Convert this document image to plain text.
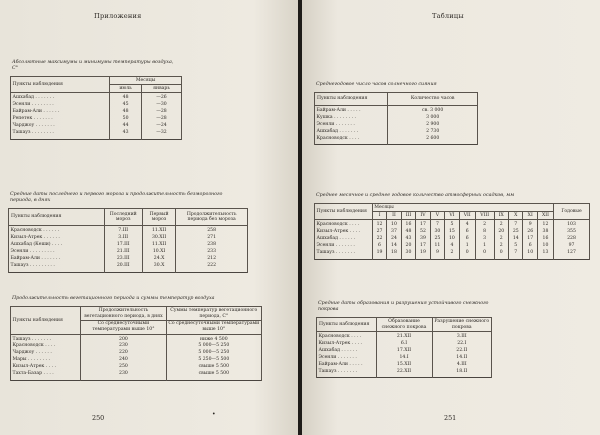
Приложения
Абсолютные максимумы и минимумы температуры воздуха, С°
Пункты наблюдения	Месяцы	
	июль	январь
Ашхабад . . . . . . .	48	—26
Эсенли . . . . . . . .	45	—30
Байрам-Али . . . . . .	48	—28
Репетек . . . . . . .	50	—28
Чарджоу . . . . . . .	44	—24
Ташауз . . . . . . . .	43	—32
Средние даты последнего и первого мороза и продолжительность безморозного периода, в днях
Пункты наблюдения	Последний мороз	Первый мороз	Продолжительность периода без мороза
Красноводск . . . . . .	7.III	11.XII	258
Кизыл-Атрек . . . . . .	3.III	30.XII	271
Ашхабад (Кеши) . . . .	17.III	11.XII	238
Эсенли . . . . . . . . .	21.III	10.XI	233
Байрам-Али . . . . . . .	23.III	24.X	212
Ташауз . . . . . . . . .	20.III	30.X	222
Продолжительность вегетационного периода и суммы температур воздуха
Пункты наблюдения	Продолжительность вегетационного периода, в днях	Суммы температур вегетационного периода, С°
	Со среднесуточными температурами выше 10°	Со среднесуточными температурами выше 10°
Ташауз . . . . . . .	200	ниже 4 500
Красноводск . . . .	230	5 000—5 250
Чарджоу . . . . . .	220	5 000—5 250
Мары . . . . . . . .	240	5 250—5 500
Кизыл-Атрек . . . .	250	свыше 5 500
Тахта-Базар . . . .	230	свыше 5 500
250	•
Таблицы
Среднегодовое число часов солнечного сияния
Пункты наблюдения	Количество часов
Байрам-Али . . . . .	св. 3 000
Кушка . . . . . . . .	3 000
Эсенли . . . . . . .	2 900
Ашхабад . . . . . . .	2 730
Красноводск . . . .	2 600
Среднее месячное и среднее годовое количество атмосферных осадков, мм
Пункты наблюдения	Месяцы												Годовые
	I	II	III	IV	V	VI	VII	VIII	IX	X	XI	XII	
Красноводск . . . .	12	10	16	17	7	5	4	2	2	7	9	12	103
Кизыл-Атрек . . . .	27	37	48	52	30	15	6	8	20	25	26	38	355
Ашхабад . . . . . .	22	24	43	39	25	10	6	3	2	14	17	16	228
Эсенли . . . . . . .	6	14	20	17	11	4	1	1	2	5	6	10	97
Ташауз . . . . . . .	19	18	30	19	9	2	0	0	0	7	10	13	127
Средние даты образования и разрушения устойчивого снежного покрова
Пункты наблюдения	Образование снежного покрова	Разрушение снежного покрова
Красноводск . . . .	21.XII	3.III
Кизыл-Атрек . . . .	6.I	22.I
Ашхабад . . . . . .	17.XII	22.II
Эсенли . . . . . . .	14.I	14.II
Байрам-Али . . . . .	15.XII	4.III
Ташауз . . . . . . .	22.XII	18.II
251
